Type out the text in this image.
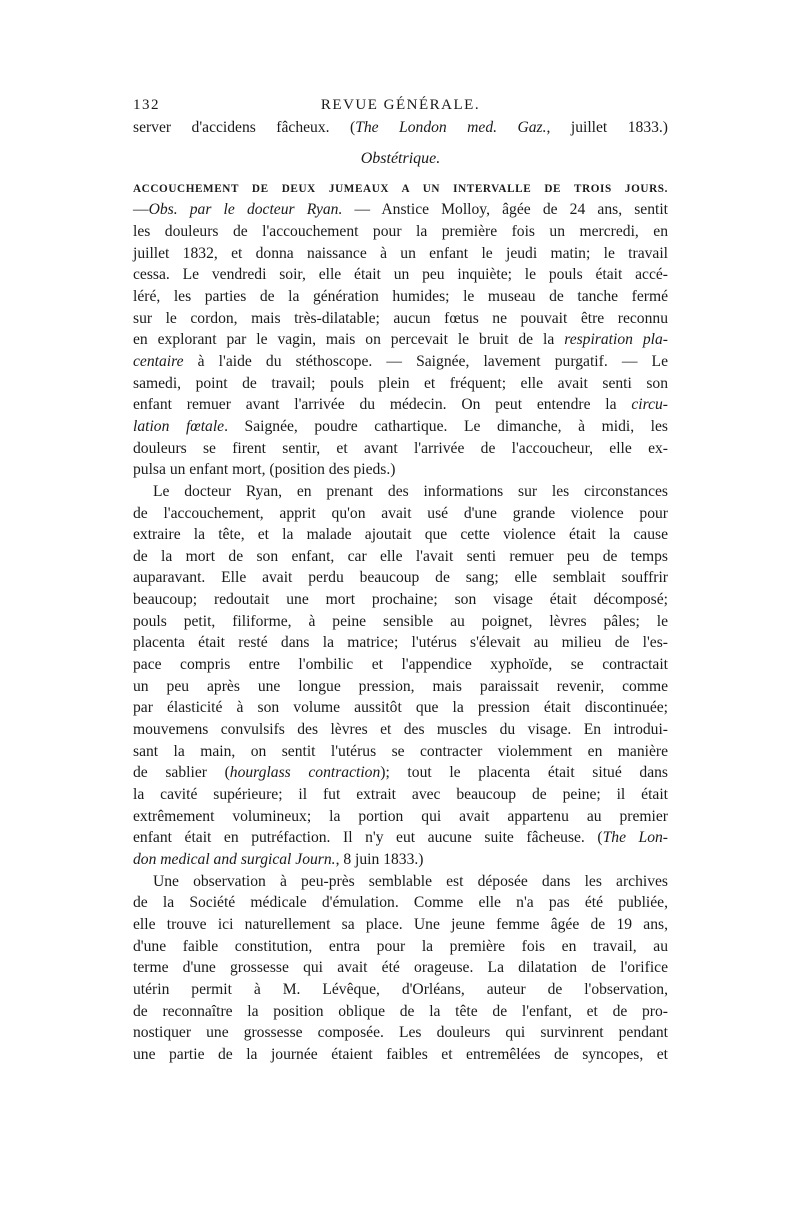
132	REVUE GÉNÉRALE.
server d'accidens fâcheux. (The London med. Gaz., juillet 1833.)
Obstétrique.
ACCOUCHEMENT DE DEUX JUMEAUX A UN INTERVALLE DE TROIS JOURS.
—Obs. par le docteur Ryan. — Anstice Molloy, âgée de 24 ans, sentit
les douleurs de l'accouchement pour la première fois un mercredi, en
juillet 1832, et donna naissance à un enfant le jeudi matin; le travail
cessa. Le vendredi soir, elle était un peu inquiète; le pouls était accé-
léré, les parties de la génération humides; le museau de tanche fermé
sur le cordon, mais très-dilatable; aucun fœtus ne pouvait être reconnu
en explorant par le vagin, mais on percevait le bruit de la respiration pla-
centaire à l'aide du stéthoscope. — Saignée, lavement purgatif. — Le
samedi, point de travail; pouls plein et fréquent; elle avait senti son
enfant remuer avant l'arrivée du médecin. On peut entendre la circu-
lation fœtale. Saignée, poudre cathartique. Le dimanche, à midi, les
douleurs se firent sentir, et avant l'arrivée de l'accoucheur, elle ex-
pulsa un enfant mort, (position des pieds.)
Le docteur Ryan, en prenant des informations sur les circonstances
de l'accouchement, apprit qu'on avait usé d'une grande violence pour
extraire la tête, et la malade ajoutait que cette violence était la cause
de la mort de son enfant, car elle l'avait senti remuer peu de temps
auparavant. Elle avait perdu beaucoup de sang; elle semblait souffrir
beaucoup; redoutait une mort prochaine; son visage était décomposé;
pouls petit, filiforme, à peine sensible au poignet, lèvres pâles; le
placenta était resté dans la matrice; l'utérus s'élevait au milieu de l'es-
pace compris entre l'ombilic et l'appendice xyphoïde, se contractait
un peu après une longue pression, mais paraissait revenir, comme
par élasticité à son volume aussitôt que la pression était discontinuée;
mouvemens convulsifs des lèvres et des muscles du visage. En introdui-
sant la main, on sentit l'utérus se contracter violemment en manière
de sablier (hourglass contraction); tout le placenta était situé dans
la cavité supérieure; il fut extrait avec beaucoup de peine; il était
extrêmement volumineux; la portion qui avait appartenu au premier
enfant était en putréfaction. Il n'y eut aucune suite fâcheuse. (The Lon-
don medical and surgical Journ., 8 juin 1833.)
Une observation à peu-près semblable est déposée dans les archives
de la Société médicale d'émulation. Comme elle n'a pas été publiée,
elle trouve ici naturellement sa place. Une jeune femme âgée de 19 ans,
d'une faible constitution, entra pour la première fois en travail, au
terme d'une grossesse qui avait été orageuse. La dilatation de l'orifice
utérin permit à M. Lévêque, d'Orléans, auteur de l'observation,
de reconnaître la position oblique de la tête de l'enfant, et de pro-
nostiquer une grossesse composée. Les douleurs qui survinrent pendant
une partie de la journée étaient faibles et entremêlées de syncopes, et
